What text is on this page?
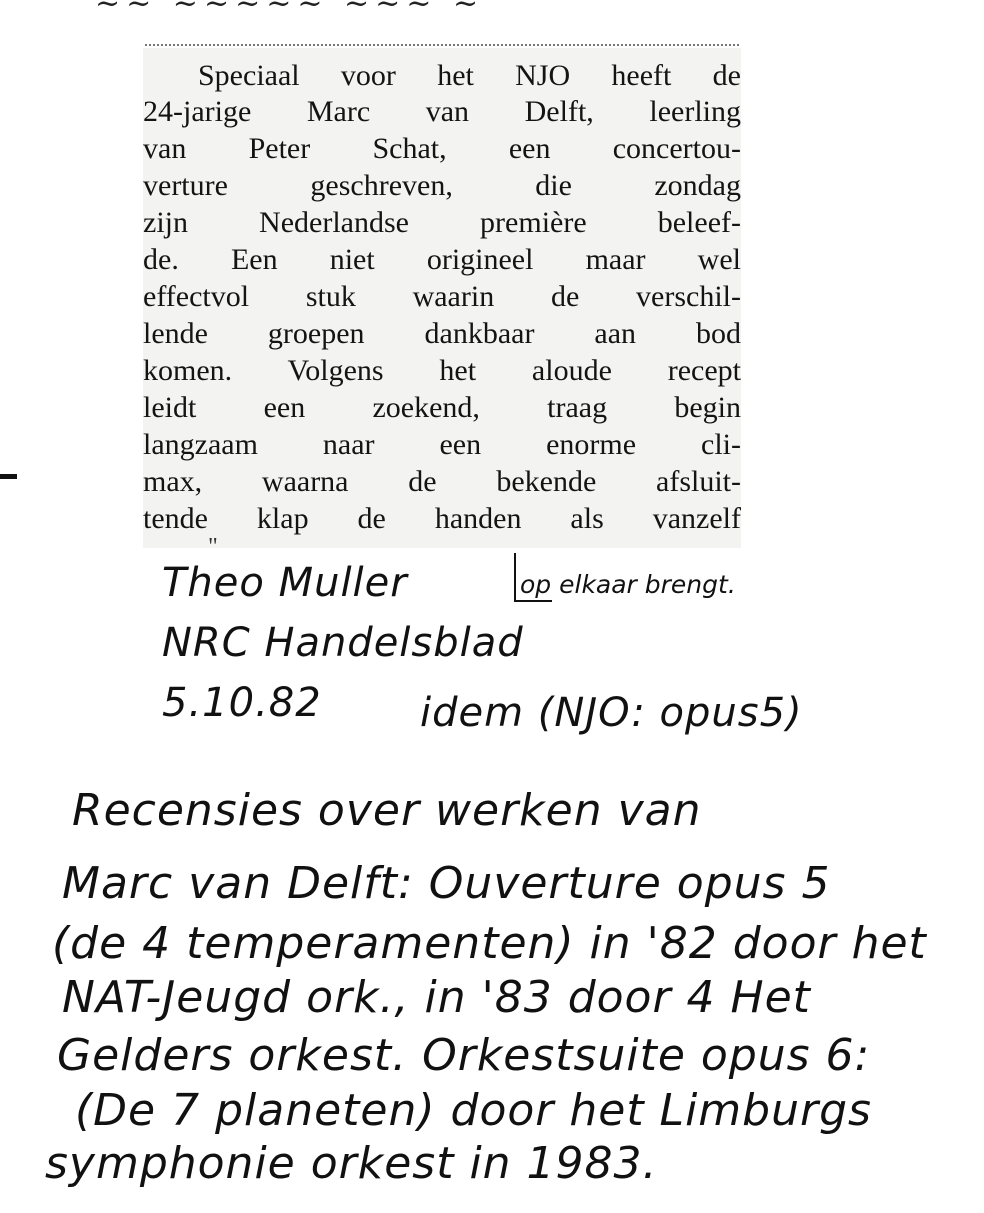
~~ ~~~~~ ~~~ ~
Speciaal voor het NJO heeft de
24-jarige Marc van Delft, leerling
van Peter Schat, een concertou-
verture geschreven, die zondag
zijn Nederlandse première beleef-
de. Een niet origineel maar wel
effectvol stuk waarin de verschil-
lende groepen dankbaar aan bod
komen. Volgens het aloude recept
leidt een zoekend, traag begin
langzaam naar een enorme cli-
max, waarna de bekende afsluit-
tende klap de handen als vanzelf
"
Theo Muller	op elkaar brengt.
NRC Handelsblad
5.10.82 idem (NJO: opus5)
Recensies over werken van
Marc van Delft: Ouverture opus 5
(de 4 temperamenten) in '82 door het
NAT-Jeugd ork., in '83 door 4 Het
Gelders orkest. Orkestsuite opus 6:
(De 7 planeten) door het Limburgs
symphonie orkest in 1983.
